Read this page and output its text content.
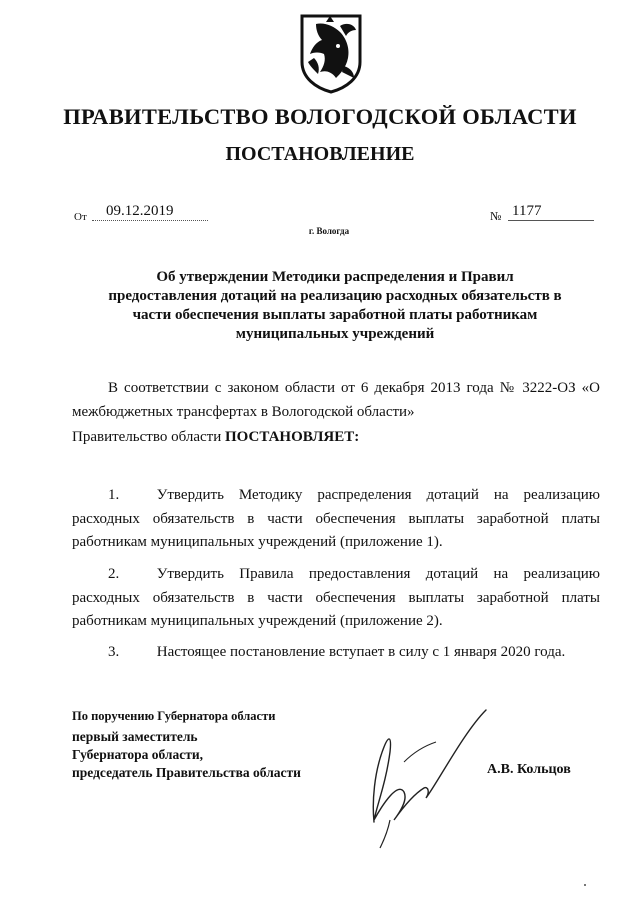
ПРАВИТЕЛЬСТВО ВОЛОГОДСКОЙ ОБЛАСТИ
ПОСТАНОВЛЕНИЕ
От	09.12.2019	№ 1177
г. Вологда
Об утверждении Методики распределения и Правил
предоставления дотаций на реализацию расходных обязательств в
части обеспечения выплаты заработной платы работникам
муниципальных учреждений
В соответствии с законом области от 6 декабря 2013 года № 3222-ОЗ «О межбюджетных трансфертах в Вологодской области»
Правительство области ПОСТАНОВЛЯЕТ:
1.   	Утвердить Методику распределения дотаций на реализацию расходных обязательств в части обеспечения выплаты заработной платы работникам муниципальных учреждений (приложение 1).
2.   	Утвердить Правила предоставления дотаций на реализацию расходных обязательств в части обеспечения выплаты заработной платы работникам муниципальных учреждений (приложение 2).
3.   	Настоящее постановление вступает в силу с 1 января 2020 года.
По поручению Губернатора области
первый заместитель
Губернатора области,
председатель Правительства области	А.В. Кольцов
